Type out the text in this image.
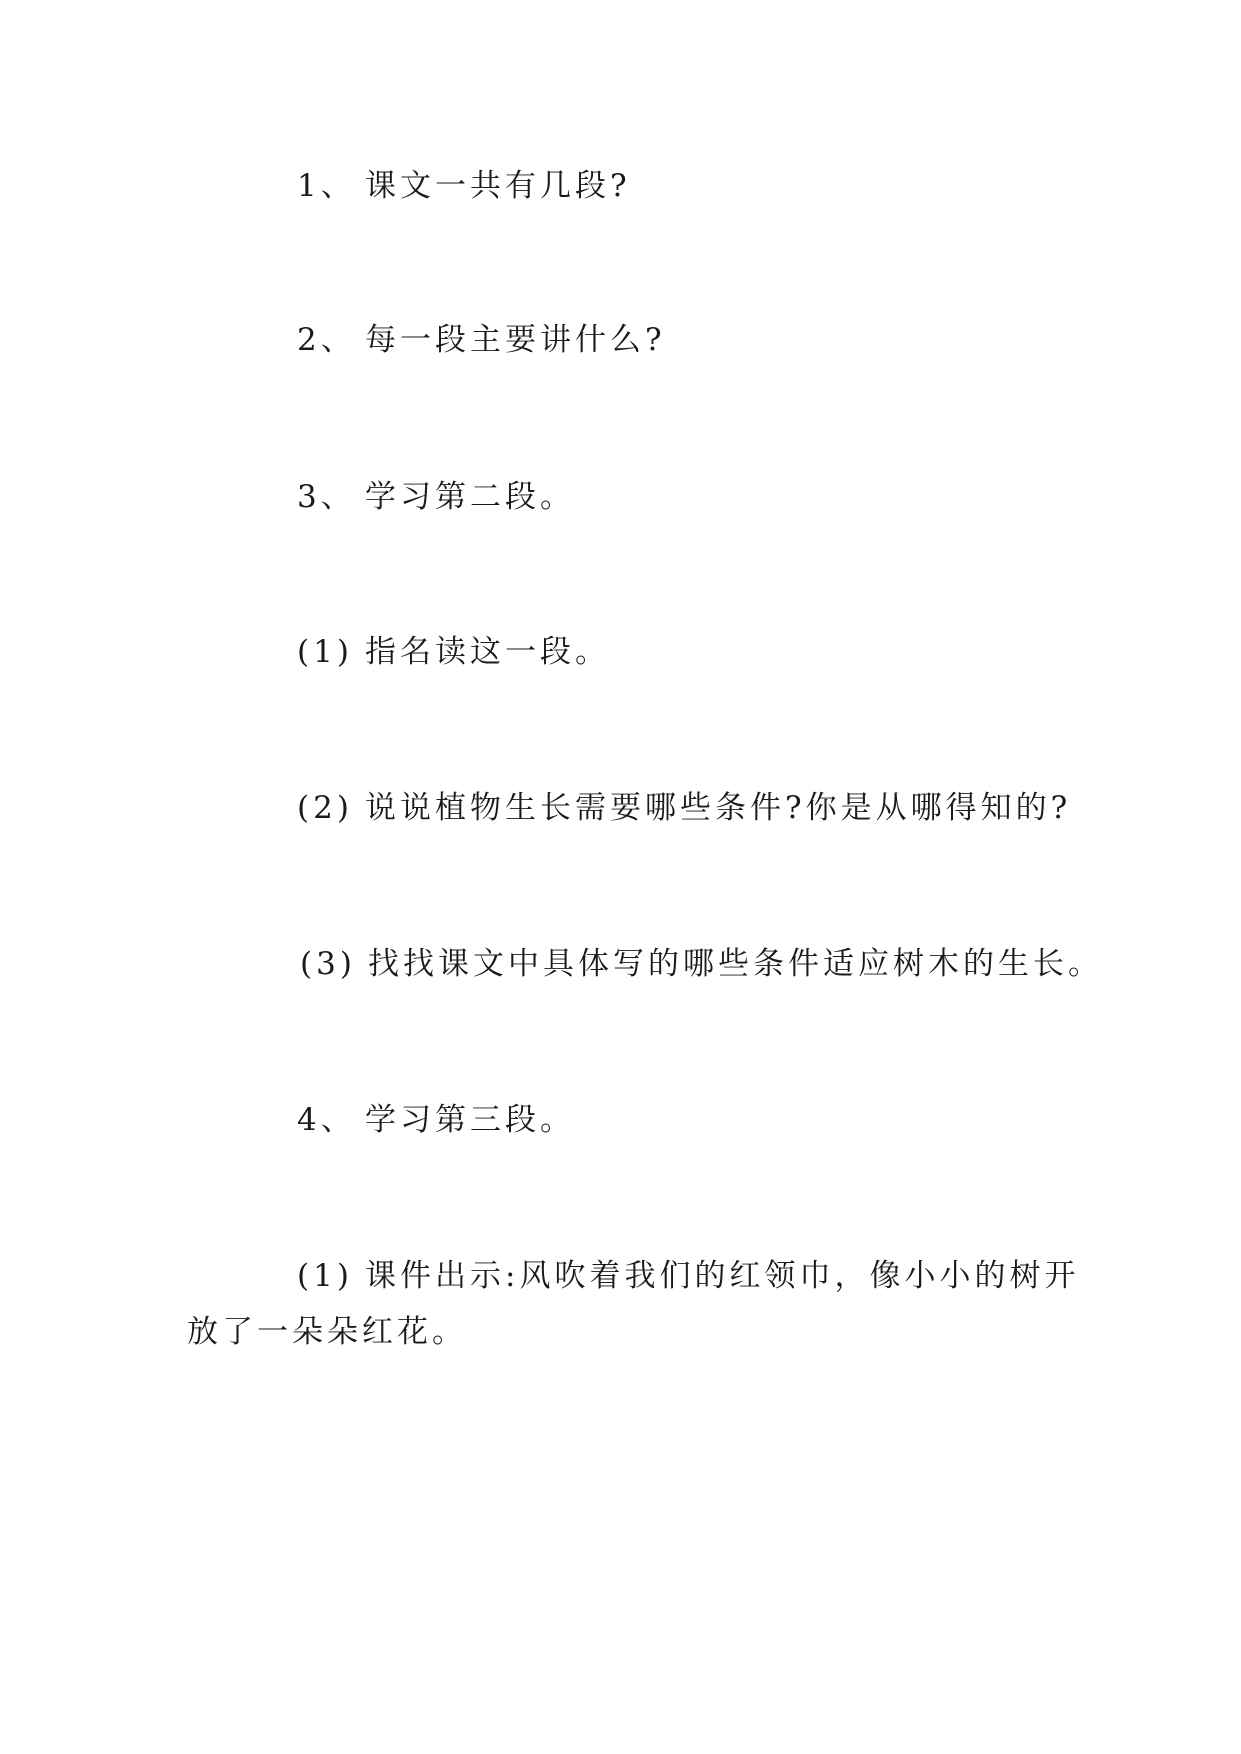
1、 课文一共有几段?
2、 每一段主要讲什么?
3、 学习第二段。
(1) 指名读这一段。
(2) 说说植物生长需要哪些条件?你是从哪得知的?
(3) 找找课文中具体写的哪些条件适应树木的生长。
4、 学习第三段。
(1) 课件出示:风吹着我们的红领巾，像小小的树开
放了一朵朵红花。
